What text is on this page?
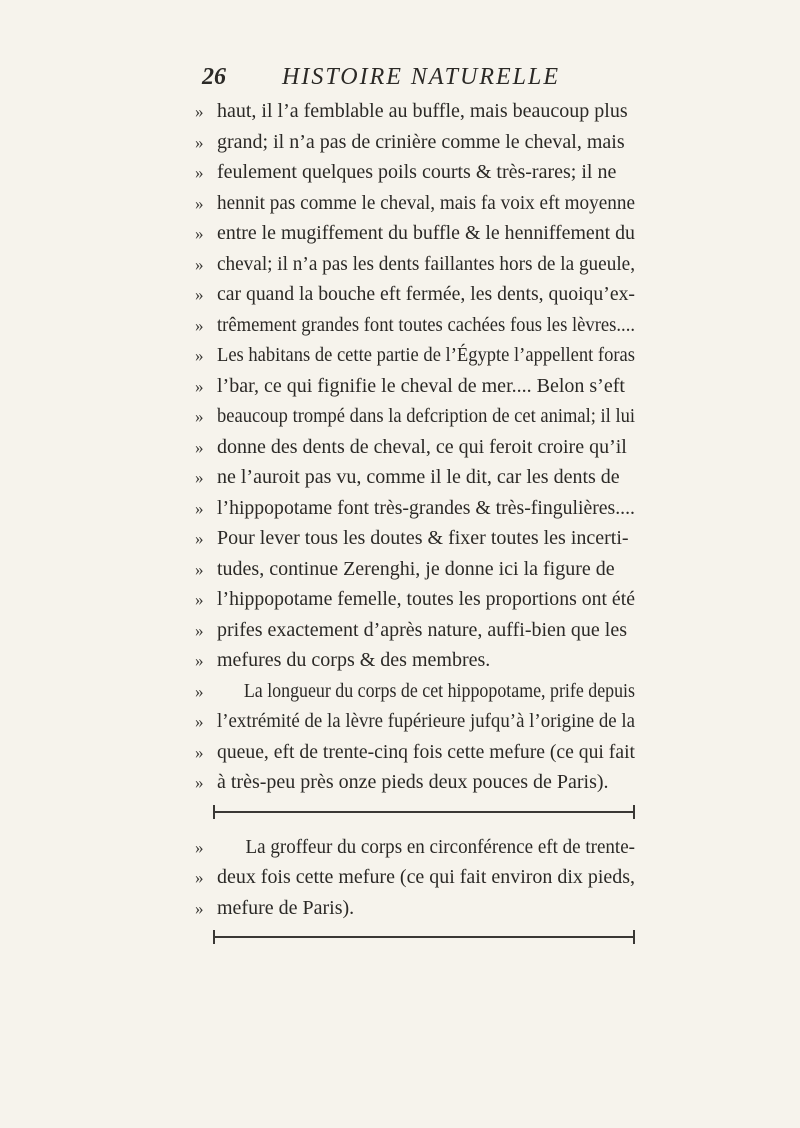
26 HISTOIRE NATURELLE
» haut, il l’a femblable au buffle, mais beaucoup plus
» grand; il n’a pas de crinière comme le cheval, mais
» feulement quelques poils courts & très-rares; il ne
» hennit pas comme le cheval, mais fa voix eft moyenne
» entre le mugiffement du buffle & le henniffement du
» cheval; il n’a pas les dents faillantes hors de la gueule,
» car quand la bouche eft fermée, les dents, quoiqu’ex-
» trêmement grandes font toutes cachées fous les lèvres....
» Les habitans de cette partie de l’Égypte l’appellent foras
» l’bar, ce qui fignifie le cheval de mer.... Belon s’eft
» beaucoup trompé dans la defcription de cet animal; il lui
» donne des dents de cheval, ce qui feroit croire qu’il
» ne l’auroit pas vu, comme il le dit, car les dents de
» l’hippopotame font très-grandes & très-fingulières....
» Pour lever tous les doutes & fixer toutes les incerti-
» tudes, continue Zerenghi, je donne ici la figure de
» l’hippopotame femelle, toutes les proportions ont été
» prifes exactement d’après nature, auffi-bien que les
» mefures du corps & des membres.
» La longueur du corps de cet hippopotame, prife depuis
» l’extrémité de la lèvre fupérieure jufqu’à l’origine de la
» queue, eft de trente-cinq fois cette mefure (ce qui fait
» à très-peu près onze pieds deux pouces de Paris).
» La groffeur du corps en circonférence eft de trente-
» deux fois cette mefure (ce qui fait environ dix pieds,
» mefure de Paris).
